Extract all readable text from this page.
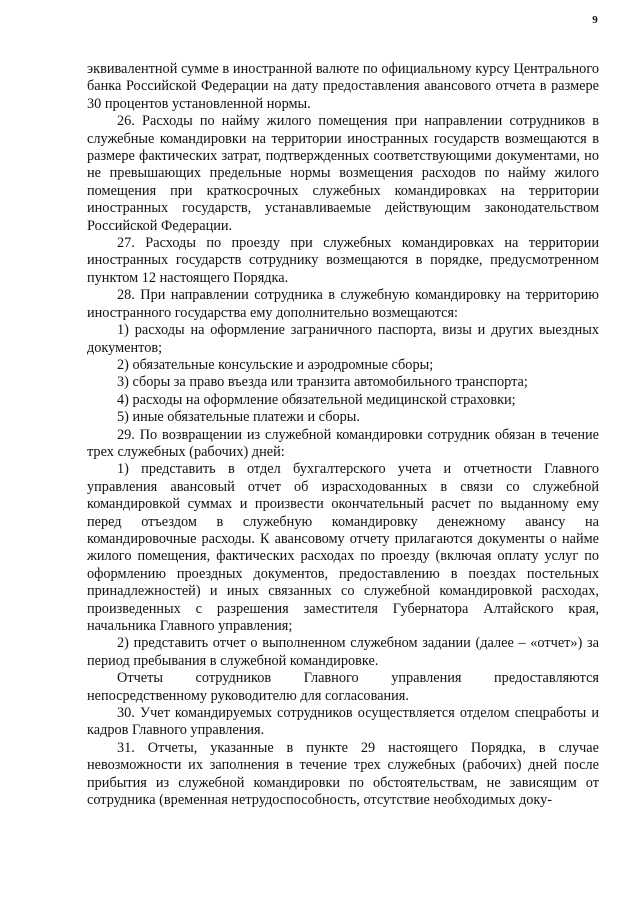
9

эквивалентной сумме в иностранной валюте по официальному курсу Центрального банка Российской Федерации на дату предоставления авансового отчета в размере 30 процентов установленной нормы.

26. Расходы по найму жилого помещения при направлении сотрудников в служебные командировки на территории иностранных государств возмещаются в размере фактических затрат, подтвержденных соответствующими документами, но не превышающих предельные нормы возмещения расходов по найму жилого помещения при краткосрочных служебных командировках на территории иностранных государств, устанавливаемые действующим законодательством Российской Федерации.

27. Расходы по проезду при служебных командировках на территории иностранных государств сотруднику возмещаются в порядке, предусмотренном пунктом 12 настоящего Порядка.

28. При направлении сотрудника в служебную командировку на территорию иностранного государства ему дополнительно возмещаются:

1) расходы на оформление заграничного паспорта, визы и других выездных документов;

2) обязательные консульские и аэродромные сборы;

3) сборы за право въезда или транзита автомобильного транспорта;

4) расходы на оформление обязательной медицинской страховки;

5) иные обязательные платежи и сборы.

29. По возвращении из служебной командировки сотрудник обязан в течение трех служебных (рабочих) дней:

1) представить в отдел бухгалтерского учета и отчетности Главного управления авансовый отчет об израсходованных в связи со служебной командировкой суммах и произвести окончательный расчет по выданному ему перед отъездом в служебную командировку денежному авансу на командировочные расходы. К авансовому отчету прилагаются документы о найме жилого помещения, фактических расходах по проезду (включая оплату услуг по оформлению проездных документов, предоставлению в поездах постельных принадлежностей) и иных связанных со служебной командировкой расходах, произведенных с разрешения заместителя Губернатора Алтайского края, начальника Главного управления;

2) представить отчет о выполненном служебном задании (далее – «отчет») за период пребывания в служебной командировке.

Отчеты сотрудников Главного управления предоставляются непосредственному руководителю для согласования.

30. Учет командируемых сотрудников осуществляется отделом спецработы и кадров Главного управления.

31. Отчеты, указанные в пункте 29 настоящего Порядка, в случае невозможности их заполнения в течение трех служебных (рабочих) дней после прибытия из служебной командировки по обстоятельствам, не зависящим от сотрудника (временная нетрудоспособность, отсутствие необходимых доку-
